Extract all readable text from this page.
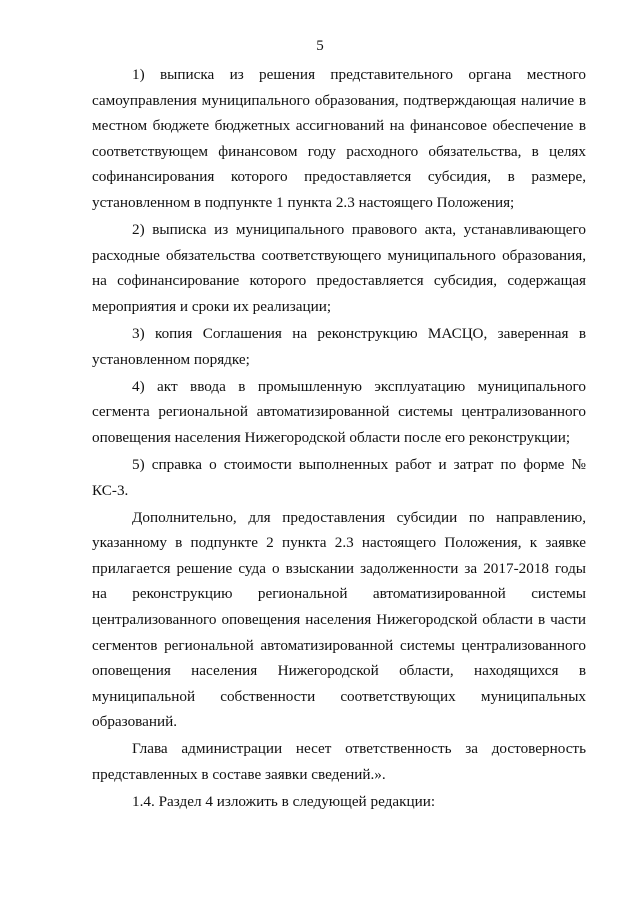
5

1) выписка из решения представительного органа местного самоуправления муниципального образования, подтверждающая наличие в местном бюджете бюджетных ассигнований на финансовое обеспечение в соответствующем финансовом году расходного обязательства, в целях софинансирования которого предоставляется субсидия, в размере, установленном в подпункте 1 пункта 2.3 настоящего Положения;

2) выписка из муниципального правового акта, устанавливающего расходные обязательства соответствующего муниципального образования, на софинансирование которого предоставляется субсидия, содержащая мероприятия и сроки их реализации;

3) копия Соглашения на реконструкцию МАСЦО, заверенная в установленном порядке;

4) акт ввода в промышленную эксплуатацию муниципального сегмента региональной автоматизированной системы централизованного оповещения населения Нижегородской области после его реконструкции;

5) справка о стоимости выполненных работ и затрат по форме № КС-3.

Дополнительно, для предоставления субсидии по направлению, указанному в подпункте 2 пункта 2.3 настоящего Положения, к заявке прилагается решение суда о взыскании задолженности за 2017-2018 годы на реконструкцию региональной автоматизированной системы централизованного оповещения населения Нижегородской области в части сегментов региональной автоматизированной системы централизованного оповещения населения Нижегородской области, находящихся в муниципальной собственности соответствующих муниципальных образований.

Глава администрации несет ответственность за достоверность представленных в составе заявки сведений.».

1.4. Раздел 4 изложить в следующей редакции:
